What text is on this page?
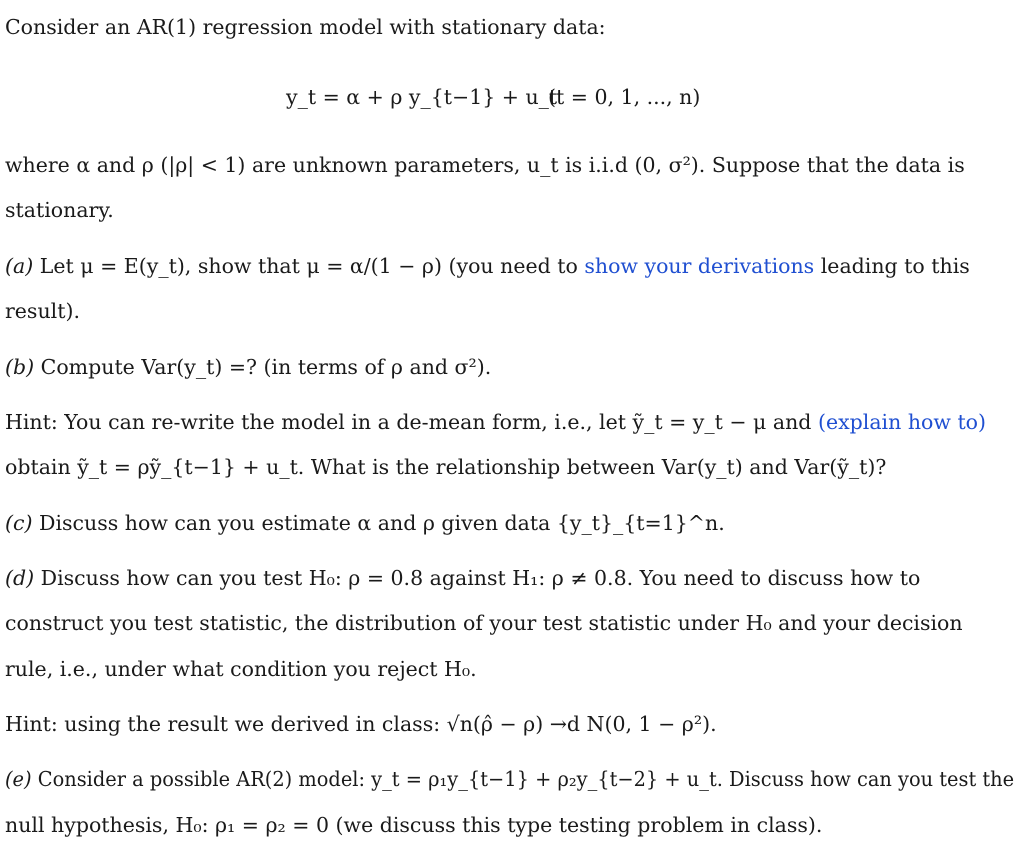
Consider an AR(1) regression model with stationary data:
y_t = α + ρ y_{t−1} + u_t
(t = 0, 1, ..., n)
where α and ρ (|ρ| < 1) are unknown parameters, u_t is i.i.d (0, σ²). Suppose that the data is
stationary.
(a) Let μ = E(y_t), show that μ = α/(1 − ρ) (you need to show your derivations leading to this
result).
(b) Compute Var(y_t) =? (in terms of ρ and σ²).
Hint: You can re-write the model in a de-mean form, i.e., let ỹ_t = y_t − μ and (explain how to)
obtain ỹ_t = ρỹ_{t−1} + u_t. What is the relationship between Var(y_t) and Var(ỹ_t)?
(c) Discuss how can you estimate α and ρ given data {y_t}_{t=1}^n.
(d) Discuss how can you test H₀: ρ = 0.8 against H₁: ρ ≠ 0.8. You need to discuss how to
construct you test statistic, the distribution of your test statistic under H₀ and your decision
rule, i.e., under what condition you reject H₀.
Hint: using the result we derived in class: √n(ρ̂ − ρ) →d N(0, 1 − ρ²).
(e) Consider a possible AR(2) model: y_t = ρ₁y_{t−1} + ρ₂y_{t−2} + u_t. Discuss how can you test the
null hypothesis, H₀: ρ₁ = ρ₂ = 0 (we discuss this type testing problem in class).
